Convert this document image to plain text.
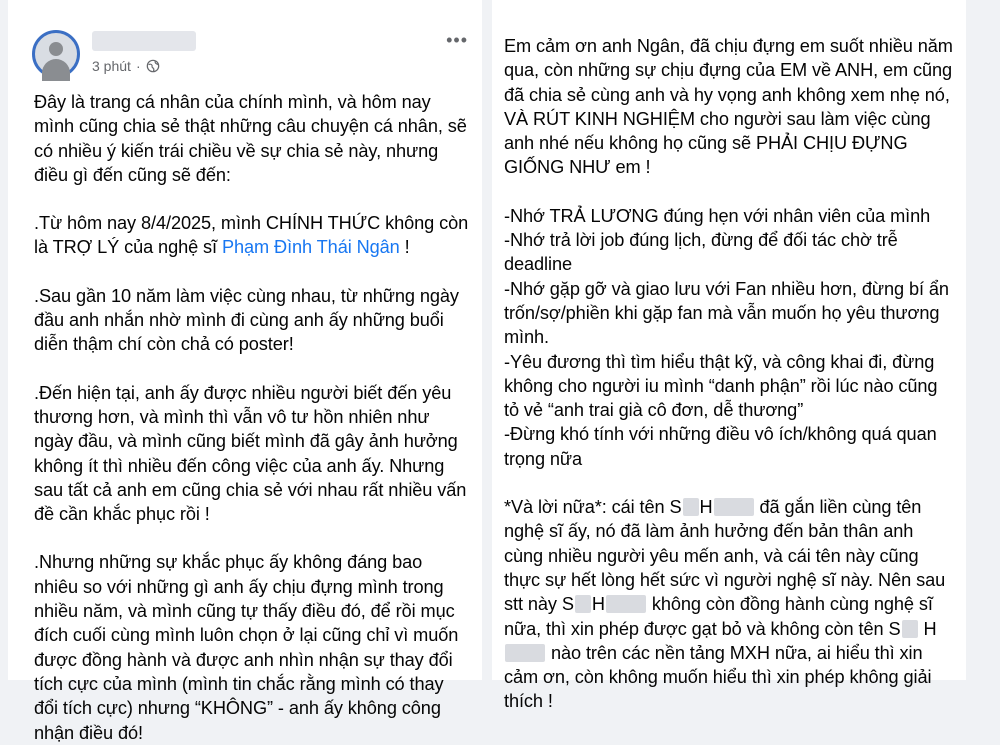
3 phút ·
•••
Đây là trang cá nhân của chính mình, và hôm nay mình cũng chia sẻ thật những câu chuyện cá nhân, sẽ có nhiều ý kiến trái chiều về sự chia sẻ này, nhưng điều gì đến cũng sẽ đến:
.Từ hôm nay 8/4/2025, mình CHÍNH THỨC không còn là TRỢ LÝ của nghệ sĩ Phạm Đình Thái Ngân !
.Sau gần 10 năm làm việc cùng nhau, từ những ngày đầu anh nhắn nhờ mình đi cùng anh ấy những buổi diễn thậm chí còn chả có poster!
.Đến hiện tại, anh ấy được nhiều người biết đến yêu thương hơn, và mình thì vẫn vô tư hồn nhiên như ngày đầu, và mình cũng biết mình đã gây ảnh hưởng không ít thì nhiều đến công việc của anh ấy. Nhưng sau tất cả anh em cũng chia sẻ với nhau rất nhiều vấn đề cần khắc phục rồi !
.Nhưng những sự khắc phục ấy không đáng bao nhiêu so với những gì anh ấy chịu đựng mình trong nhiều năm, và mình cũng tự thấy điều đó, để rồi mục đích cuối cùng mình luôn chọn ở lại cũng chỉ vì muốn được đồng hành và được anh nhìn nhận sự thay đổi tích cực của mình (mình tin chắc rằng mình có thay đổi tích cực) nhưng “KHÔNG” - anh ấy không công nhận điều đó!
Em cảm ơn anh Ngân, đã chịu đựng em suốt nhiều năm qua, còn những sự chịu đựng của EM về ANH, em cũng đã chia sẻ cùng anh và hy vọng anh không xem nhẹ nó, VÀ RÚT KINH NGHIỆM cho người sau làm việc cùng anh nhé nếu không họ cũng sẽ PHẢI CHỊU ĐỰNG GIỐNG NHƯ em !
-Nhớ TRẢ LƯƠNG đúng hẹn với nhân viên của mình
-Nhớ trả lời job đúng lịch, đừng để đối tác chờ trễ deadline
-Nhớ gặp gỡ và giao lưu với Fan nhiều hơn, đừng bí ẩn trốn/sợ/phiền khi gặp fan mà vẫn muốn họ yêu thương mình.
-Yêu đương thì tìm hiểu thật kỹ, và công khai đi, đừng không cho người iu mình “danh phận” rồi lúc nào cũng tỏ vẻ “anh trai già cô đơn, dễ thương”
-Đừng khó tính với những điều vô ích/không quá quan trọng nữa
*Và lời nữa*: cái tên S H	đã gắn liền cùng tên nghệ sĩ ấy, nó đã làm ảnh hưởng đến bản thân anh cùng nhiều người yêu mến anh, và cái tên này cũng thực sự hết lòng hết sức vì người nghệ sĩ này. Nên sau stt này S H	không còn đồng hành cùng nghệ sĩ nữa, thì xin phép được gạt bỏ và không còn tên S H nào trên các nền tảng MXH nữa, ai hiểu thì xin cảm ơn, còn không muốn hiểu thì xin phép không giải thích !
